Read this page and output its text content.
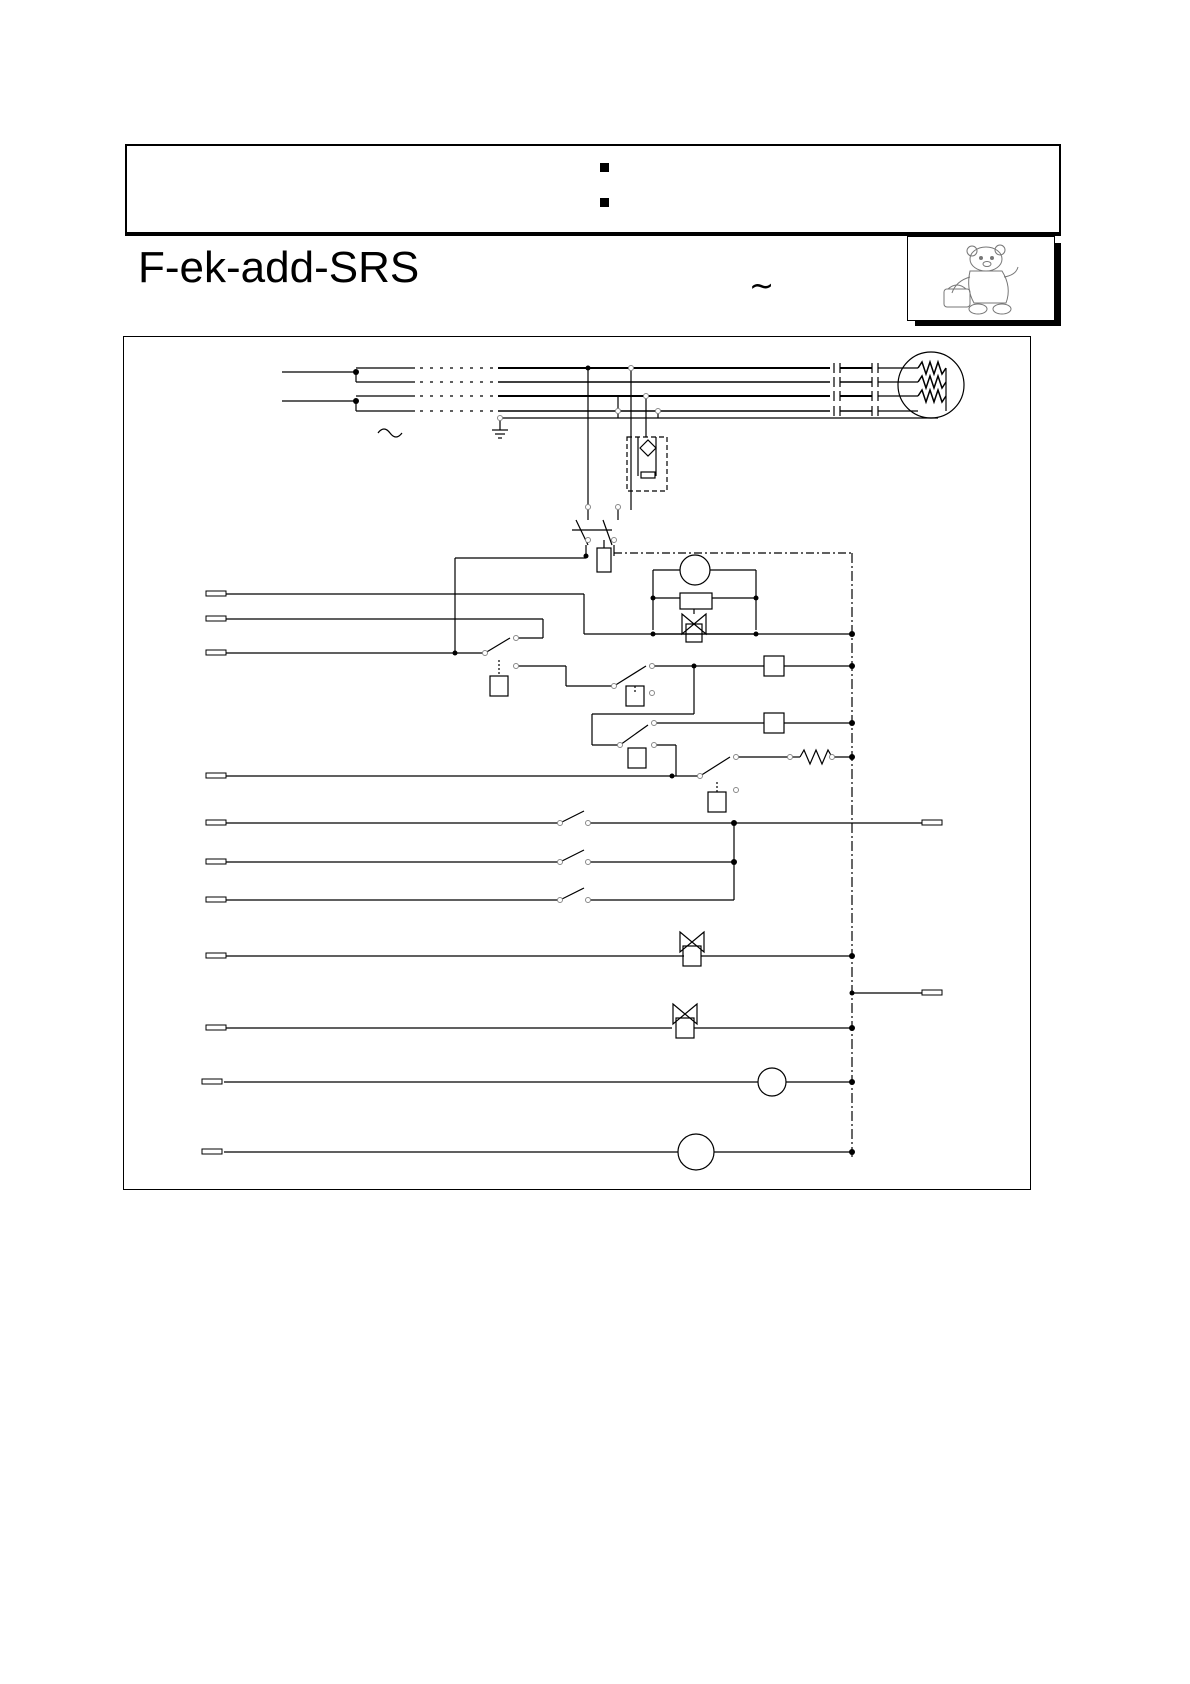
F-ek-add-SRS	~
